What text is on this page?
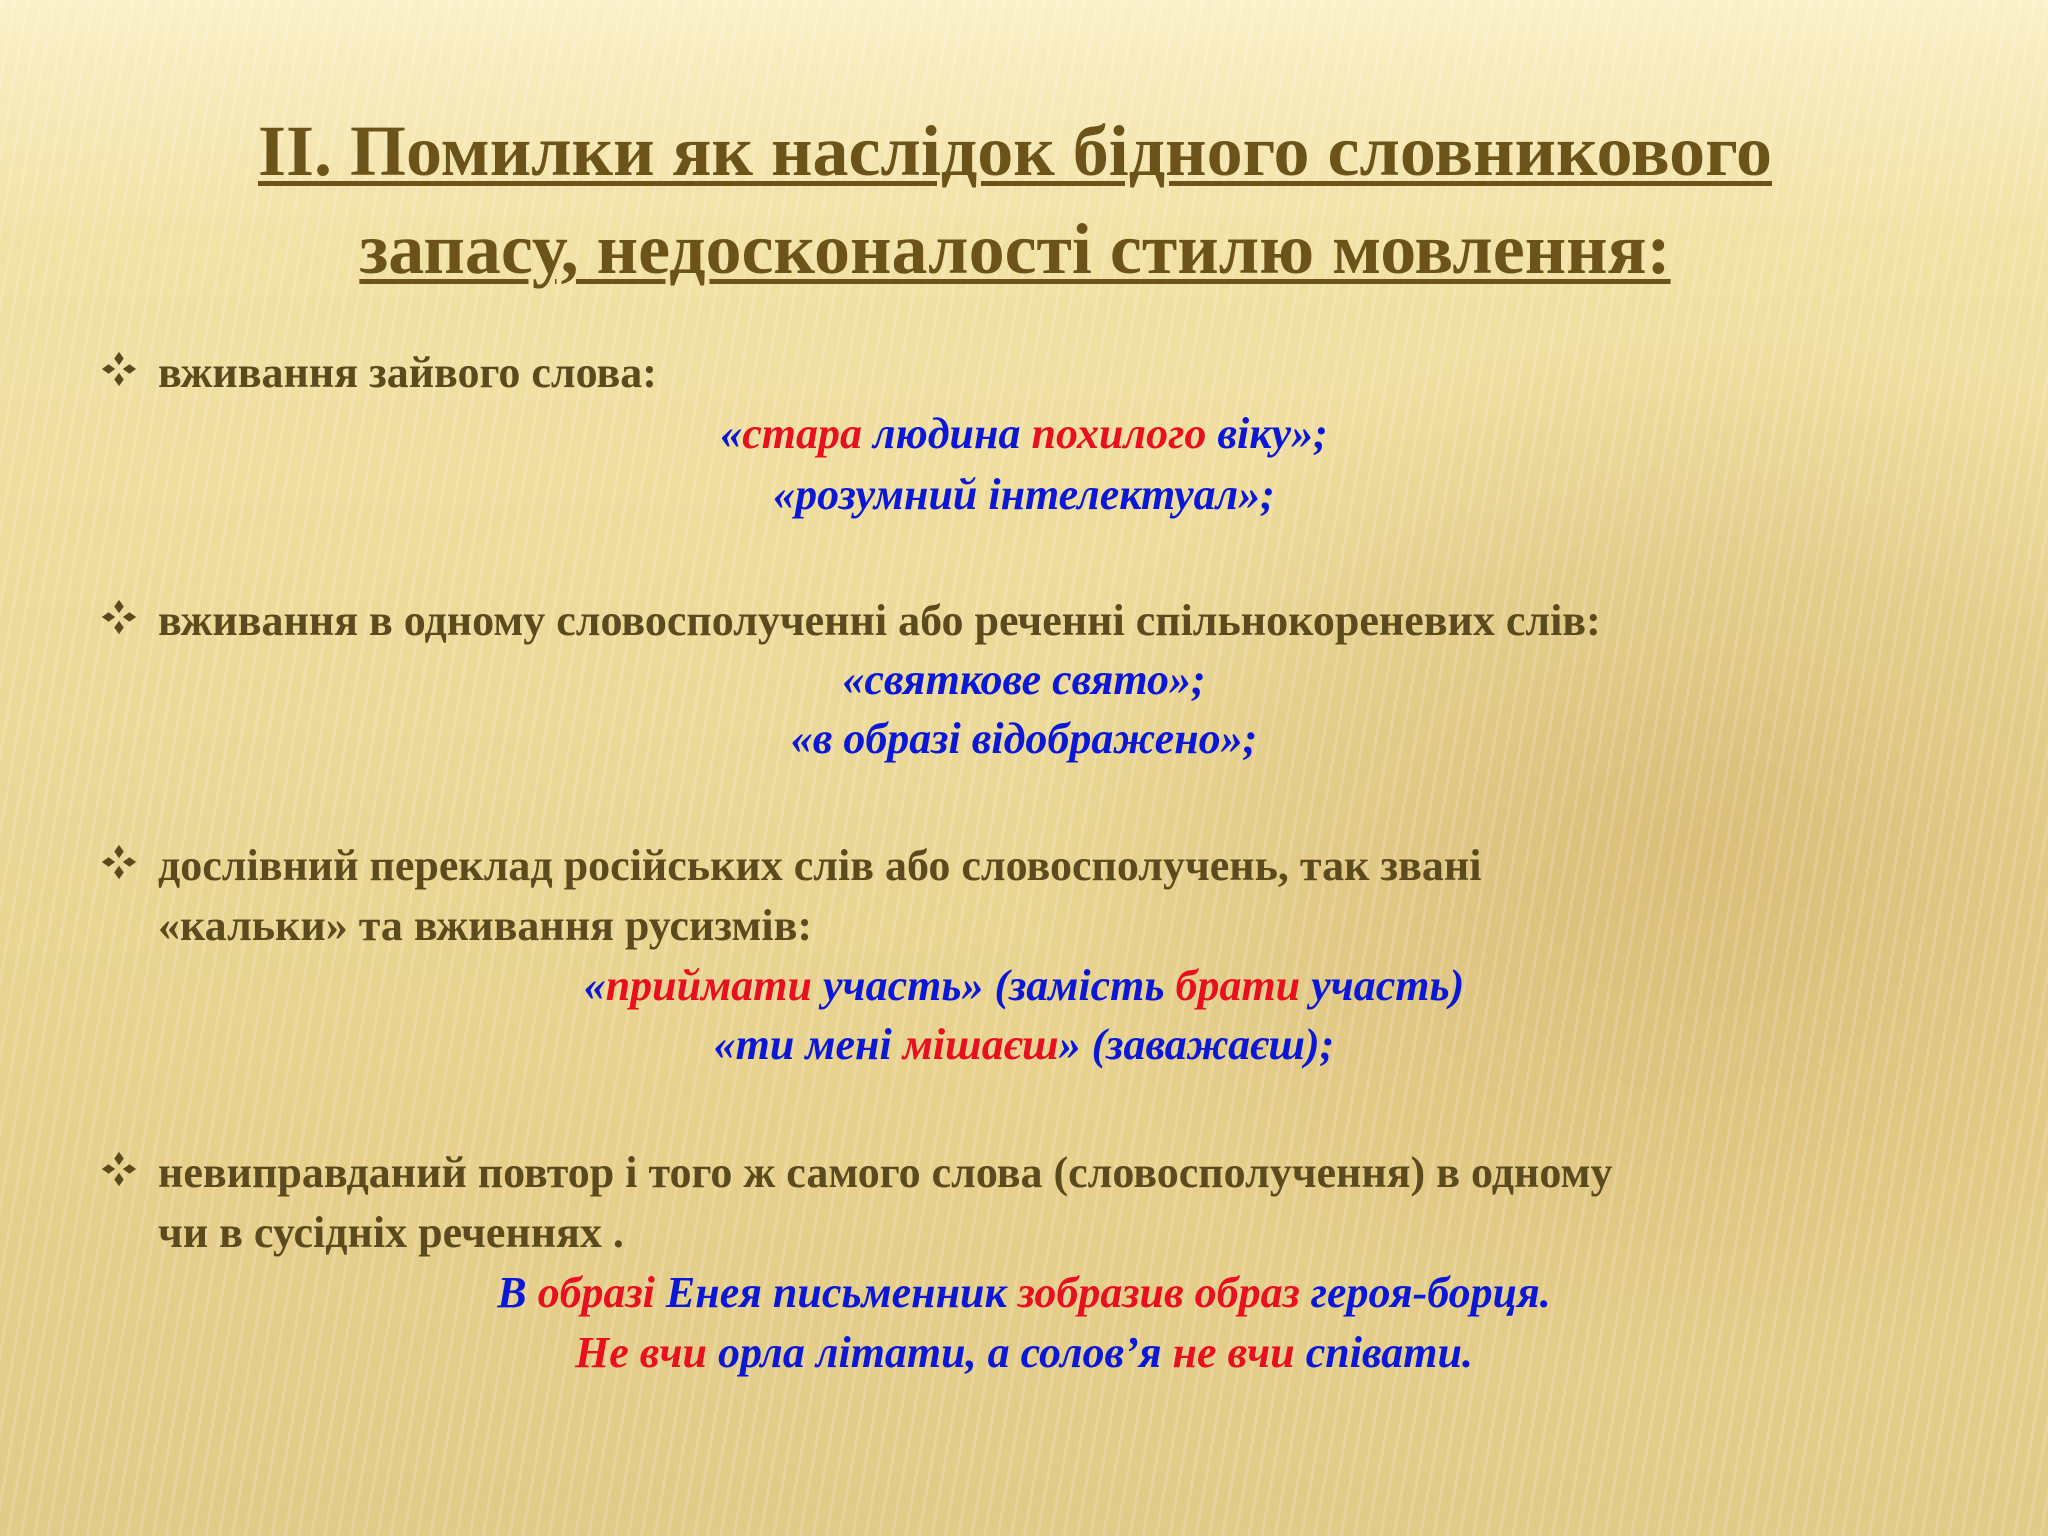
II. Помилки як наслідок бідного словникового
запасу, недосконалості стилю мовлення:
вживання зайвого слова:
«стара людина похилого віку»;
«розумний інтелектуал»;
вживання в одному словосполученні або реченні спільнокореневих слів:
«святкове свято»;
«в образі відображено»;
дослівний переклад російських слів або словосполучень, так звані
«кальки» та вживання русизмів:
«приймати участь» (замість брати участь)
«ти мені мішаєш» (заважаєш);
невиправданий повтор і того ж самого слова (словосполучення) в одному
чи в сусідніх реченнях .
В образі Енея письменник зобразив образ героя-борця.
Не вчи орла літати, а солов’я не вчи співати.
